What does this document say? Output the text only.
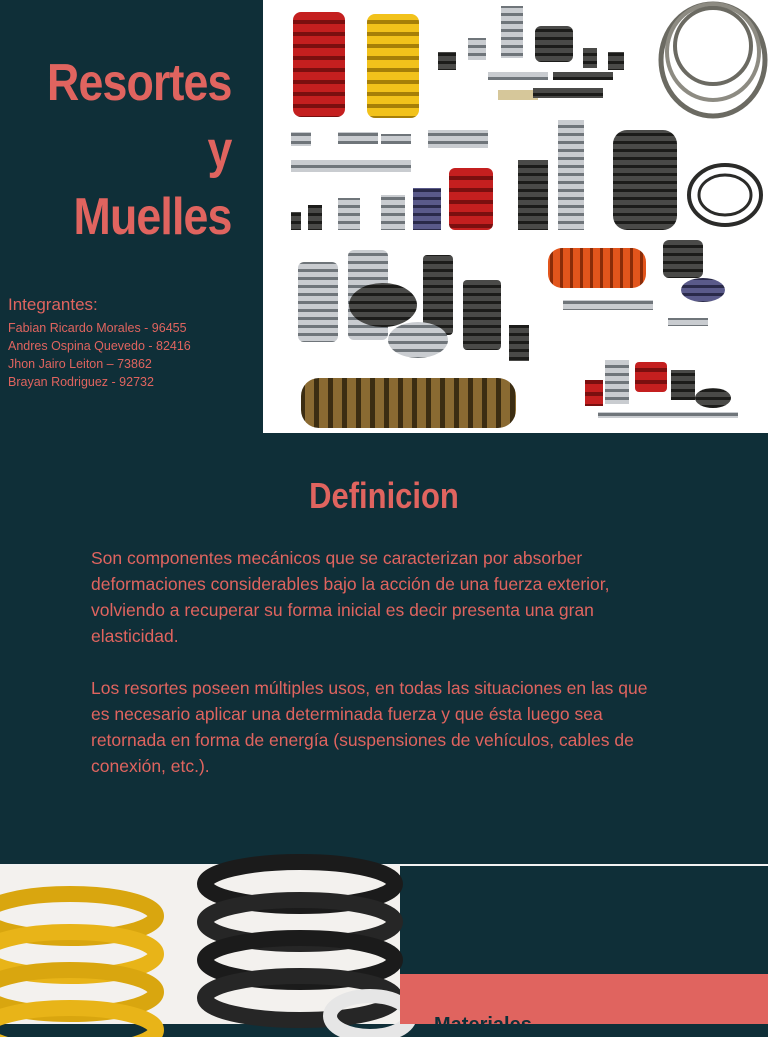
Resortes
y
Muelles
Integrantes:
Fabian Ricardo Morales - 96455
Andres Ospina Quevedo - 82416
Jhon Jairo Leiton – 73862
Brayan Rodriguez - 92732
Definicion

Son componentes mecánicos que se caracterizan por absorber deformaciones considerables bajo la acción de una fuerza exterior, volviendo a recuperar su forma inicial es decir presenta una gran elasticidad.

Los resortes poseen múltiples usos, en todas las situaciones en las que es necesario aplicar una determinada fuerza y que ésta luego sea retornada en forma de energía (suspensiones de vehículos, cables de conexión, etc.).

Materiales
